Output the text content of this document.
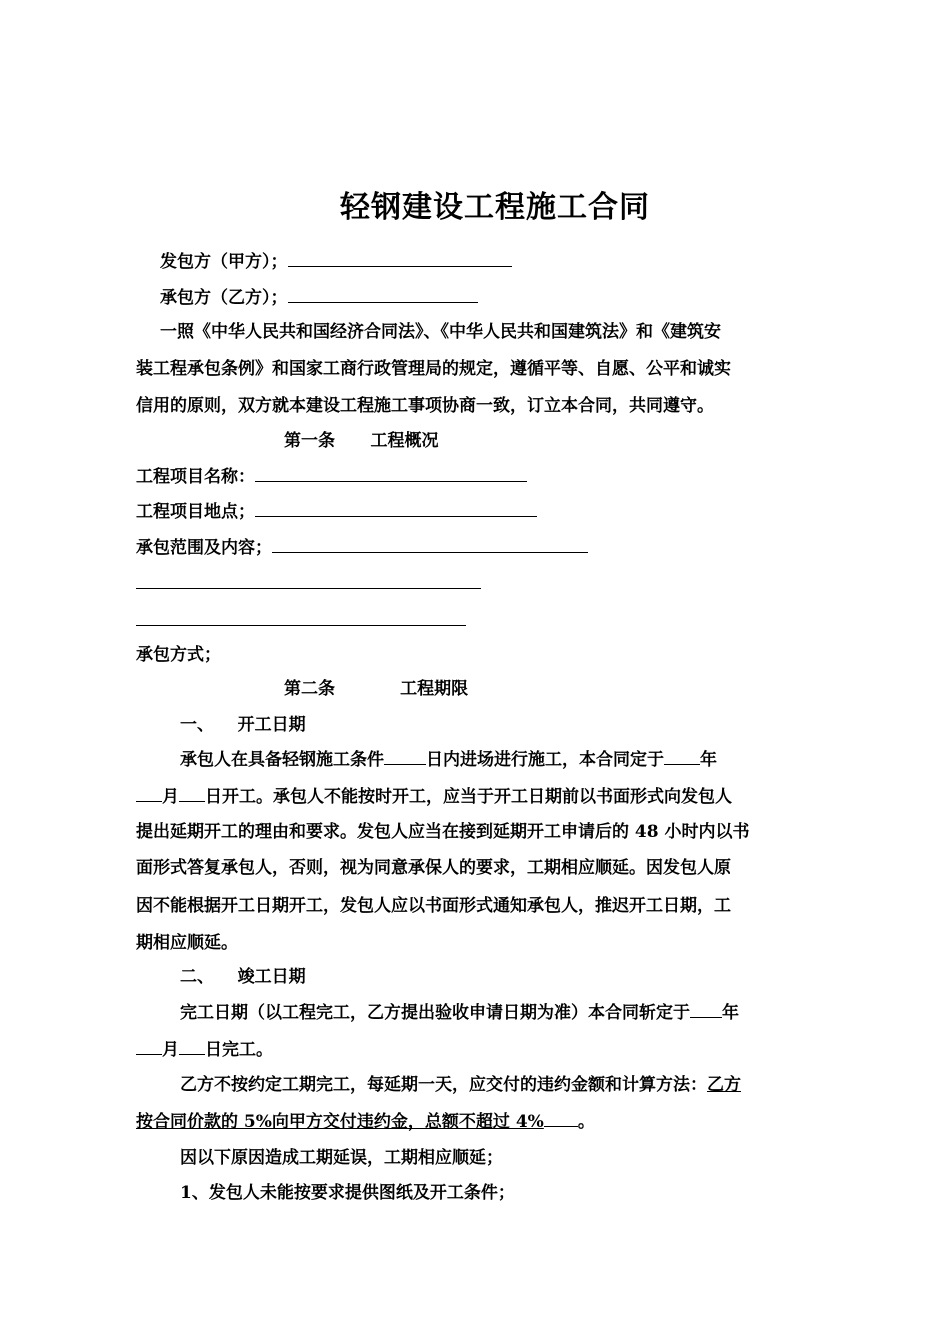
轻钢建设工程施工合同
发包方（甲方）；
承包方（乙方）；
一照《中华人民共和国经济合同法》、《中华人民共和国建筑法》和《建筑安
装工程承包条例》和国家工商行政管理局的规定，遵循平等、自愿、公平和诚实
信用的原则，双方就本建设工程施工事项协商一致，订立本合同，共同遵守。
第一条      工程概况
工程项目名称：
工程项目地点；
承包范围及内容；
承包方式；
第二条           工程期限
一、    开工日期
承包人在具备轻钢施工条件 日内进场进行施工，本合同定于 年
月 日开工。承包人不能按时开工，应当于开工日期前以书面形式向发包人
提出延期开工的理由和要求。发包人应当在接到延期开工申请后的 48 小时内以书
面形式答复承包人，否则，视为同意承保人的要求，工期相应顺延。因发包人原
因不能根据开工日期开工，发包人应以书面形式通知承包人，推迟开工日期，工
期相应顺延。
二、    竣工日期
完工日期（以工程完工，乙方提出验收申请日期为准）本合同斩定于 年
月 日完工。
乙方不按约定工期完工，每延期一天，应交付的违约金额和计算方法：乙方
按合同价款的 5%向甲方交付违约金，总额不超过 4% 。
因以下原因造成工期延误，工期相应顺延；
1、发包人未能按要求提供图纸及开工条件；
